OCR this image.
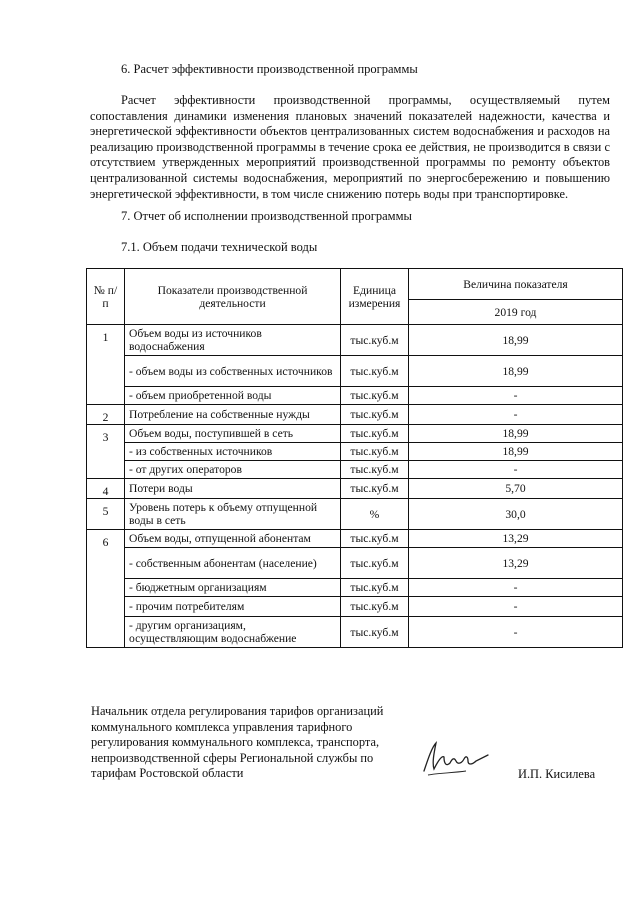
6. Расчет эффективности производственной программы
Расчет эффективности производственной программы, осуществляемый путем сопоставления динамики изменения плановых значений показателей надежности, качества и энергетической эффективности объектов централизованных систем водоснабжения и расходов на реализацию производственной программы в течение срока ее действия, не производится в связи с отсутствием утвержденных мероприятий производственной программы по ремонту объектов централизованной системы водоснабжения, мероприятий по энергосбережению и повышению энергетической эффективности, в том числе снижению потерь воды при транспортировке.
7. Отчет об исполнении производственной программы
7.1. Объем подачи технической воды
№ п/п	Показатели производственной деятельности	Единица измерения	Величина показателя
			2019 год
1	Объем воды из источников водоснабжения	тыс.куб.м	18,99
	- объем воды из собственных источников	тыс.куб.м	18,99
	- объем приобретенной воды	тыс.куб.м	-
2	Потребление на собственные нужды	тыс.куб.м	-
3	Объем воды, поступившей в сеть	тыс.куб.м	18,99
	- из собственных источников	тыс.куб.м	18,99
	- от других операторов	тыс.куб.м	-
4	Потери воды	тыс.куб.м	5,70
5	Уровень потерь к объему отпущенной воды в сеть	%	30,0
6	Объем воды, отпущенной абонентам	тыс.куб.м	13,29
	- собственным абонентам (население)	тыс.куб.м	13,29
	- бюджетным организациям	тыс.куб.м	-
	- прочим потребителям	тыс.куб.м	-
	- другим организациям, осуществляющим водоснабжение	тыс.куб.м	-
Начальник отдела регулирования тарифов организаций коммунального комплекса управления тарифного регулирования коммунального комплекса, транспорта, непроизводственной сферы Региональной службы по тарифам Ростовской области	И.П. Кисилева
